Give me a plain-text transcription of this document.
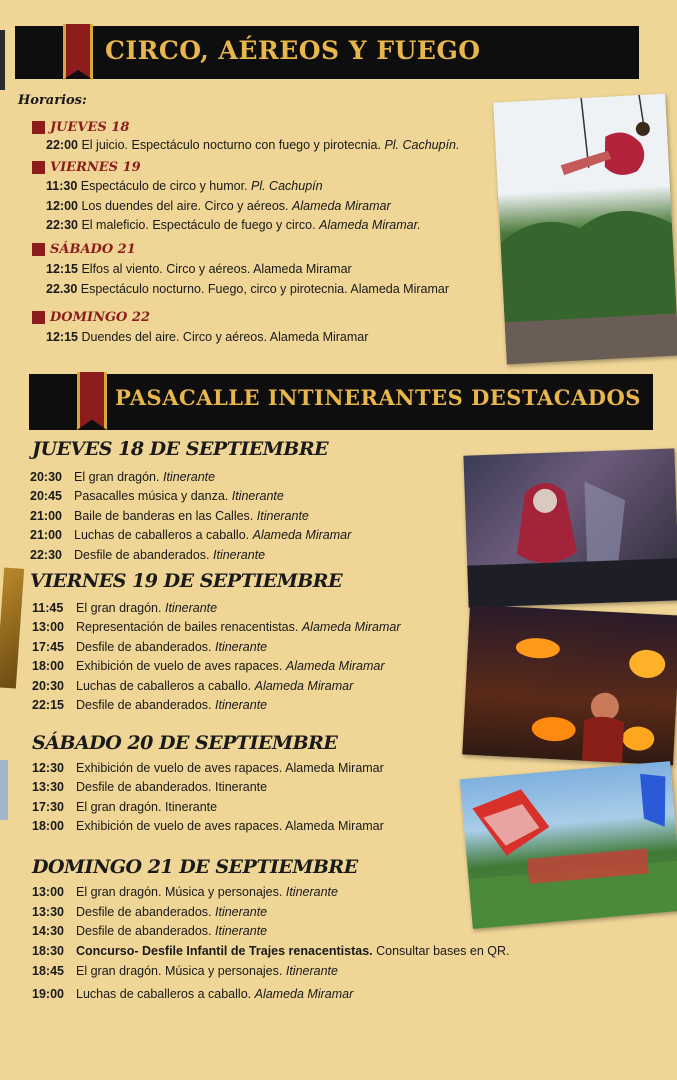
CIRCO, AÉREOS Y FUEGO
Horarios:
JUEVES 18
22:00 El juicio. Espectáculo nocturno con fuego y pirotecnia. Pl. Cachupín.
VIERNES 19
11:30 Espectáculo de circo y humor. Pl. Cachupín
12:00 Los duendes del aire. Circo y aéreos. Alameda Miramar
22:30 El maleficio. Espectáculo de fuego y circo. Alameda Miramar.
SÁBADO 21
12:15 Elfos al viento. Circo y aéreos. Alameda Miramar
22.30 Espectáculo nocturno. Fuego, circo y pirotecnia. Alameda Miramar
DOMINGO 22
12:15 Duendes del aire. Circo y aéreos. Alameda Miramar
PASACALLE INTINERANTES DESTACADOS
JUEVES 18 DE SEPTIEMBRE
20:30 El gran dragón. Itinerante
20:45 Pasacalles música y danza. Itinerante
21:00 Baile de banderas en las Calles. Itinerante
21:00 Luchas de caballeros a caballo. Alameda Miramar
22:30 Desfile de abanderados. Itinerante
VIERNES 19 DE SEPTIEMBRE
11:45 El gran dragón. Itinerante
13:00 Representación de bailes renacentistas. Alameda Miramar
17:45 Desfile de abanderados. Itinerante
18:00 Exhibición de vuelo de aves rapaces. Alameda Miramar
20:30 Luchas de caballeros a caballo. Alameda Miramar
22:15 Desfile de abanderados. Itinerante
SÁBADO 20 DE SEPTIEMBRE
12:30 Exhibición de vuelo de aves rapaces. Alameda Miramar
13:30 Desfile de abanderados. Itinerante
17:30 El gran dragón. Itinerante
18:00 Exhibición de vuelo de aves rapaces. Alameda Miramar
DOMINGO 21 DE SEPTIEMBRE
13:00 El gran dragón. Música y personajes. Itinerante
13:30 Desfile de abanderados. Itinerante
14:30 Desfile de abanderados. Itinerante
18:30 Concurso- Desfile Infantil de Trajes renacentistas. Consultar bases en QR.
18:45 El gran dragón. Música y personajes. Itinerante
19:00 Luchas de caballeros a caballo. Alameda Miramar
